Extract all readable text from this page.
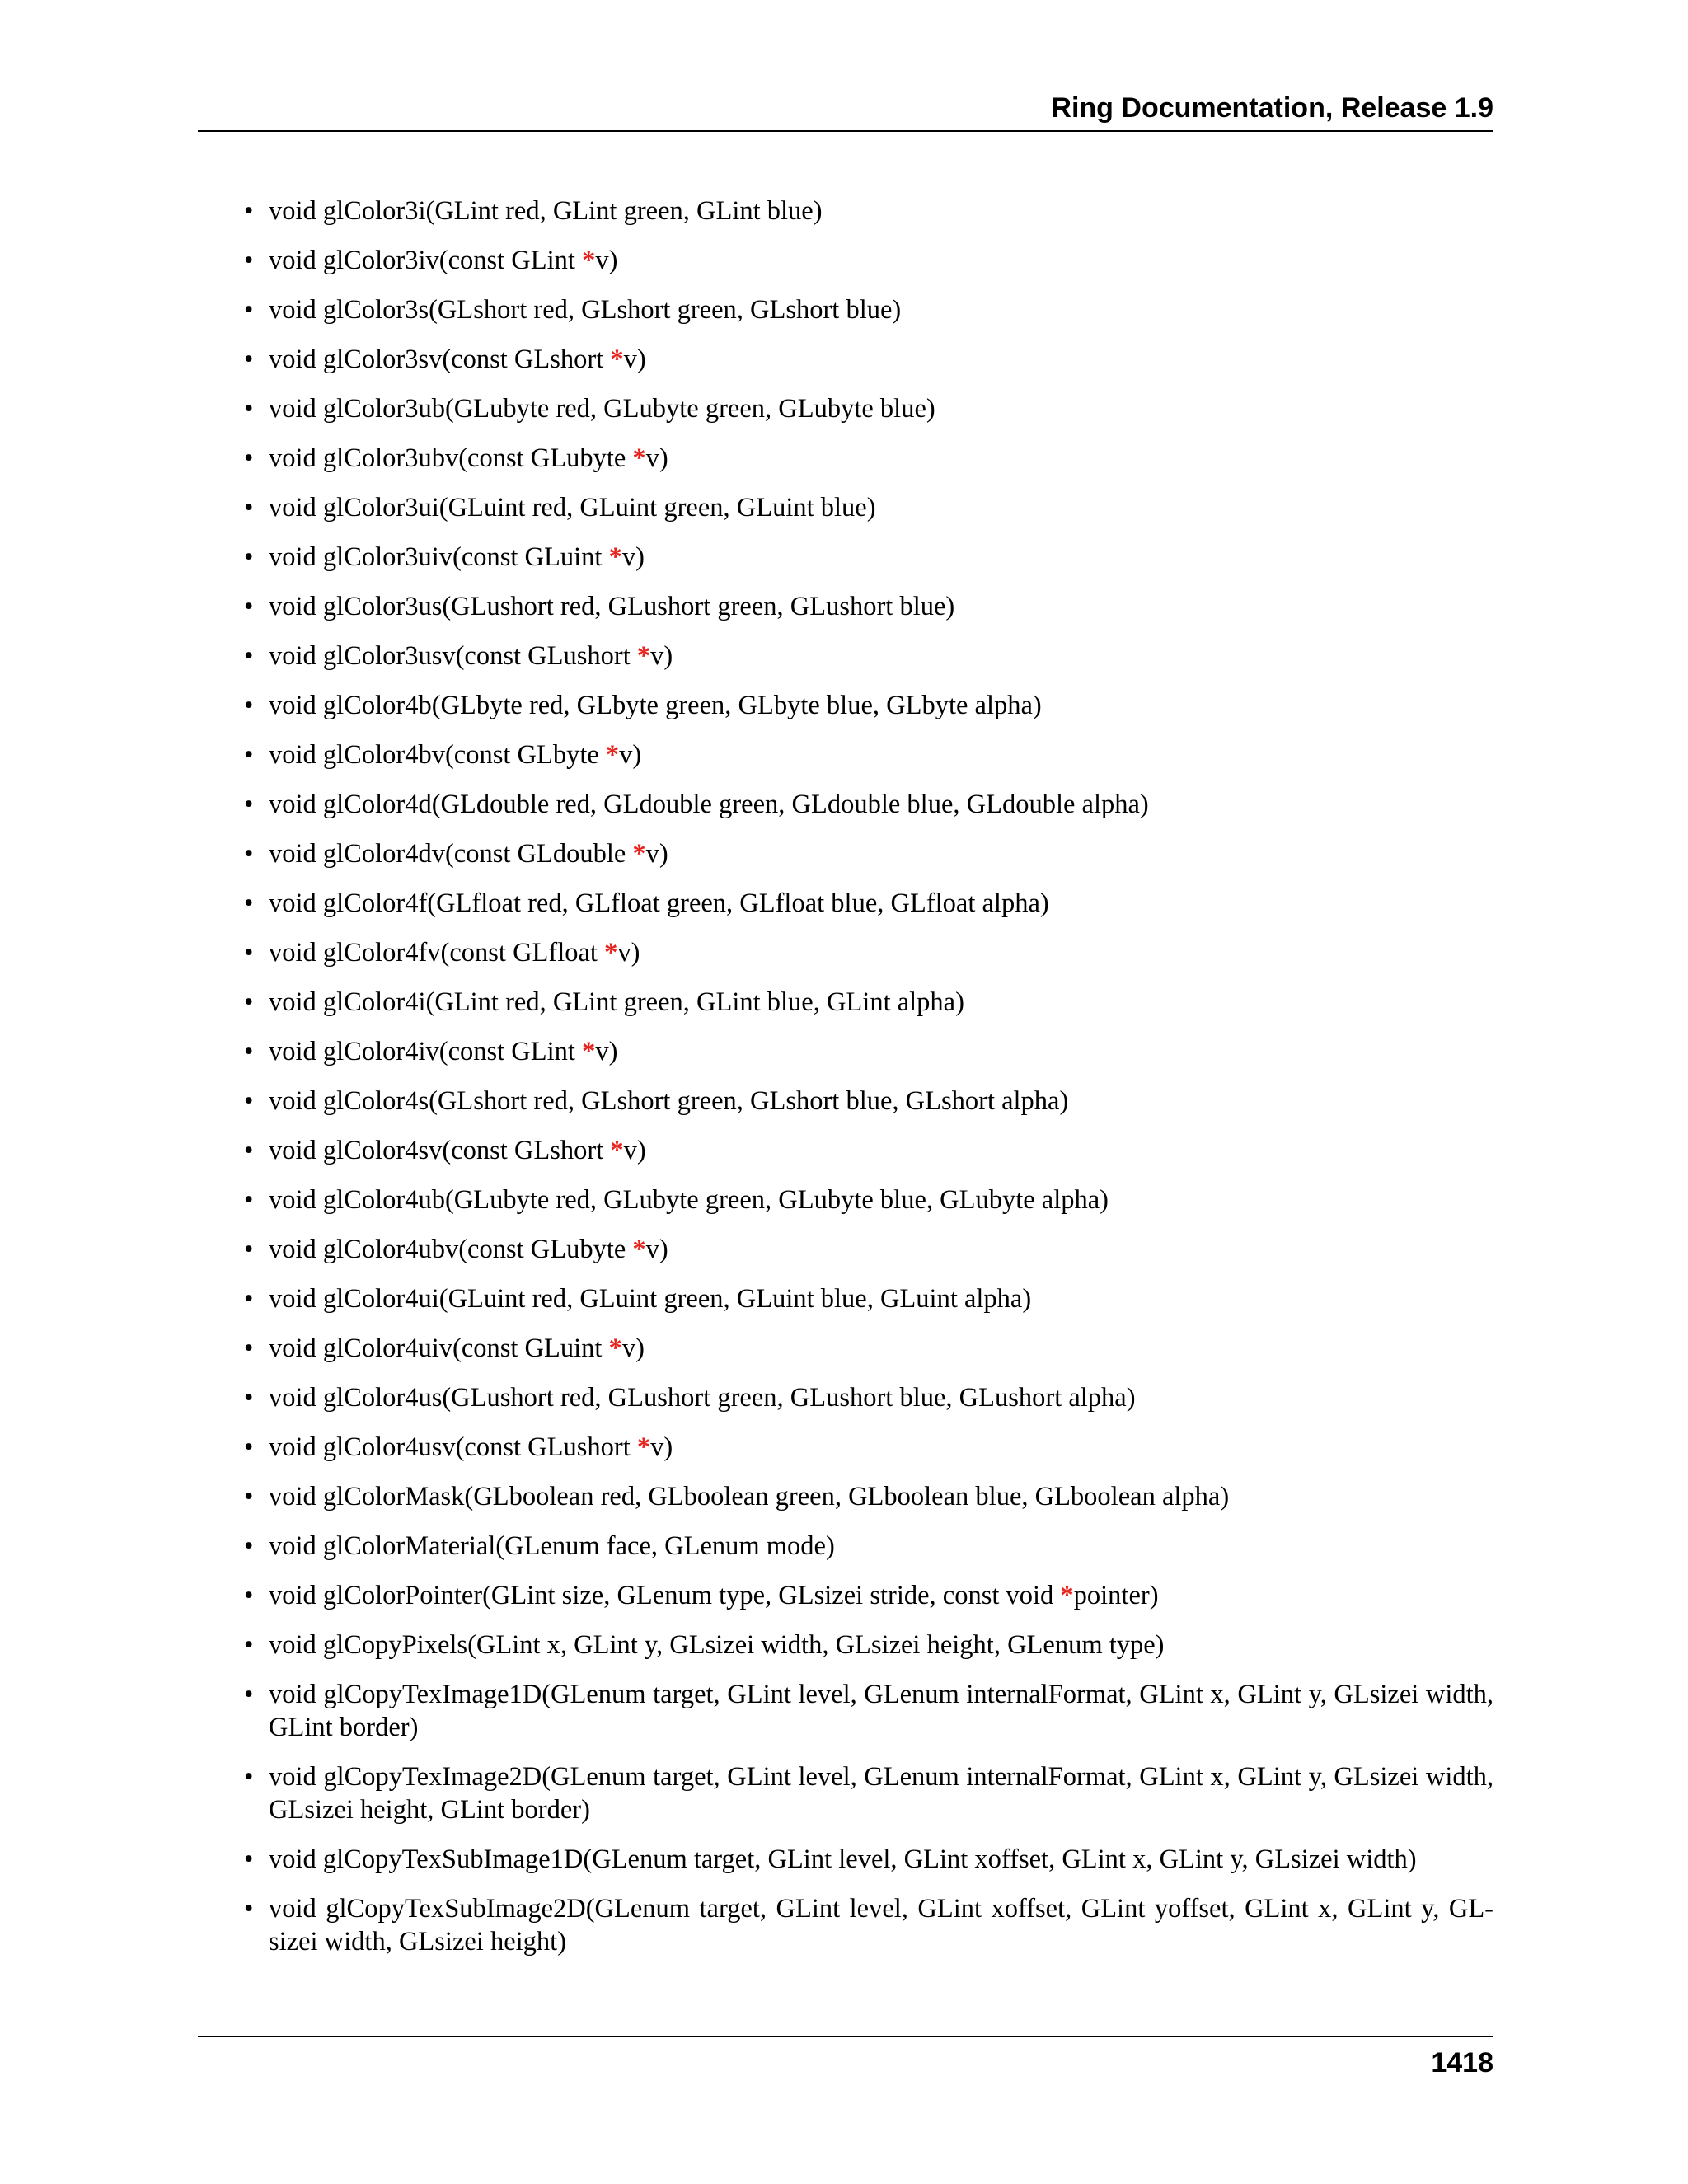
Ring Documentation, Release 1.9
• void glColor3i(GLint red, GLint green, GLint blue)
• void glColor3iv(const GLint *v)
• void glColor3s(GLshort red, GLshort green, GLshort blue)
• void glColor3sv(const GLshort *v)
• void glColor3ub(GLubyte red, GLubyte green, GLubyte blue)
• void glColor3ubv(const GLubyte *v)
• void glColor3ui(GLuint red, GLuint green, GLuint blue)
• void glColor3uiv(const GLuint *v)
• void glColor3us(GLushort red, GLushort green, GLushort blue)
• void glColor3usv(const GLushort *v)
• void glColor4b(GLbyte red, GLbyte green, GLbyte blue, GLbyte alpha)
• void glColor4bv(const GLbyte *v)
• void glColor4d(GLdouble red, GLdouble green, GLdouble blue, GLdouble alpha)
• void glColor4dv(const GLdouble *v)
• void glColor4f(GLfloat red, GLfloat green, GLfloat blue, GLfloat alpha)
• void glColor4fv(const GLfloat *v)
• void glColor4i(GLint red, GLint green, GLint blue, GLint alpha)
• void glColor4iv(const GLint *v)
• void glColor4s(GLshort red, GLshort green, GLshort blue, GLshort alpha)
• void glColor4sv(const GLshort *v)
• void glColor4ub(GLubyte red, GLubyte green, GLubyte blue, GLubyte alpha)
• void glColor4ubv(const GLubyte *v)
• void glColor4ui(GLuint red, GLuint green, GLuint blue, GLuint alpha)
• void glColor4uiv(const GLuint *v)
• void glColor4us(GLushort red, GLushort green, GLushort blue, GLushort alpha)
• void glColor4usv(const GLushort *v)
• void glColorMask(GLboolean red, GLboolean green, GLboolean blue, GLboolean alpha)
• void glColorMaterial(GLenum face, GLenum mode)
• void glColorPointer(GLint size, GLenum type, GLsizei stride, const void *pointer)
• void glCopyPixels(GLint x, GLint y, GLsizei width, GLsizei height, GLenum type)
• void glCopyTexImage1D(GLenum target, GLint level, GLenum internalFormat, GLint x, GLint y, GLsizei width, GLint border)
• void glCopyTexImage2D(GLenum target, GLint level, GLenum internalFormat, GLint x, GLint y, GLsizei width, GLsizei height, GLint border)
• void glCopyTexSubImage1D(GLenum target, GLint level, GLint xoffset, GLint x, GLint y, GLsizei width)
• void glCopyTexSubImage2D(GLenum target, GLint level, GLint xoffset, GLint yoffset, GLint x, GLint y, GL-sizei width, GLsizei height)
1418
